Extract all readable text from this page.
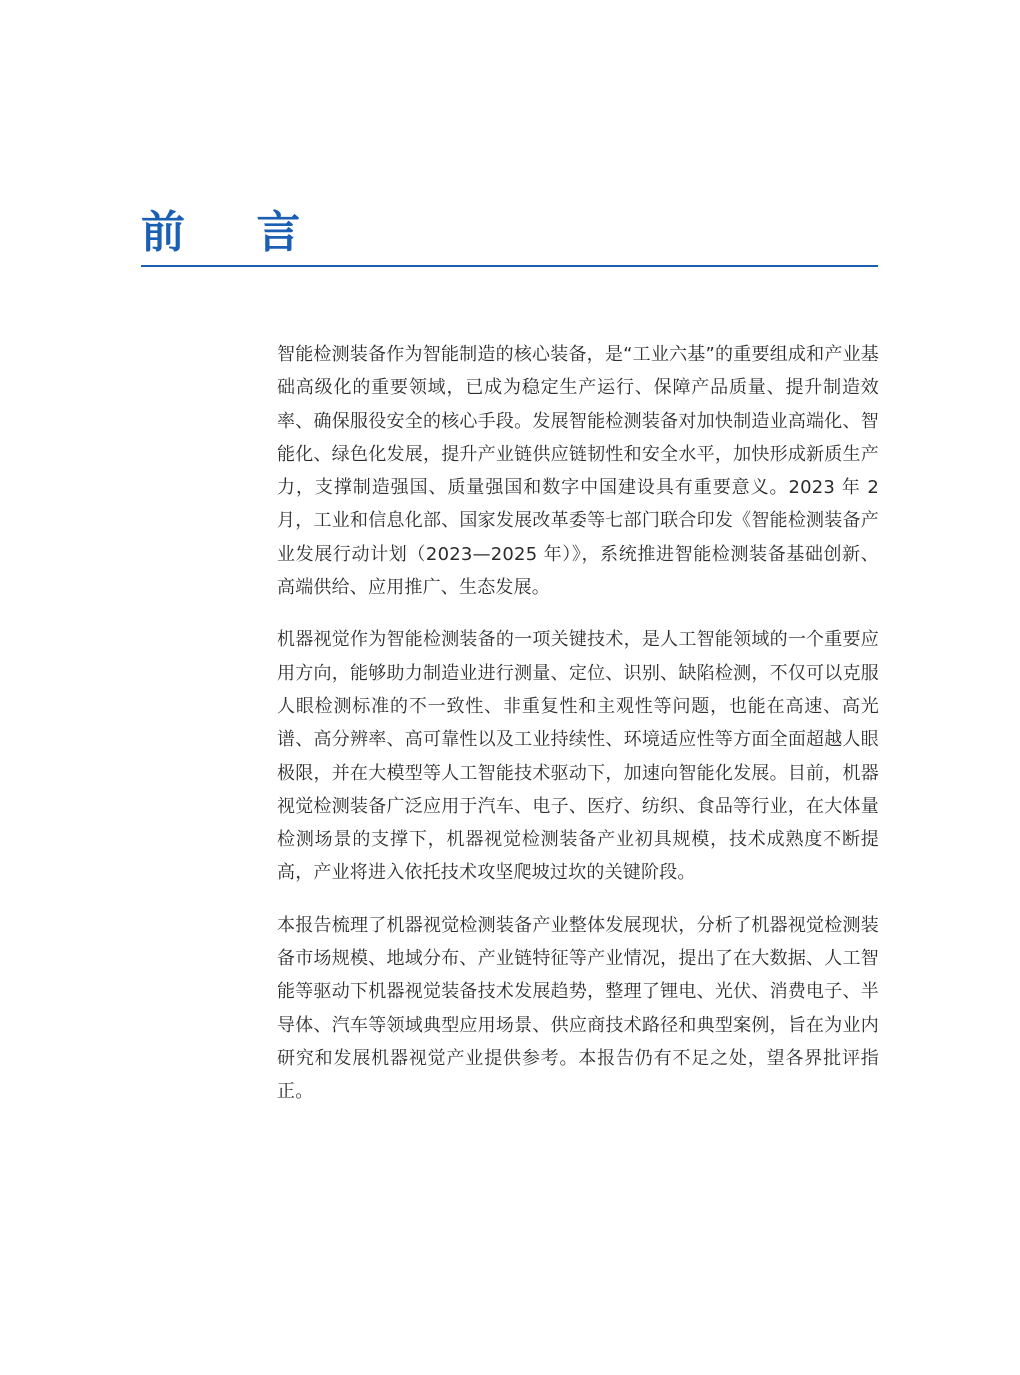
前 言

智能检测装备作为智能制造的核心装备，是“工业六基”的重要组成和产业基础高级化的重要领域，已成为稳定生产运行、保障产品质量、提升制造效率、确保服役安全的核心手段。发展智能检测装备对加快制造业高端化、智能化、绿色化发展，提升产业链供应链韧性和安全水平，加快形成新质生产力，支撑制造强国、质量强国和数字中国建设具有重要意义。2023 年 2 月，工业和信息化部、国家发展改革委等七部门联合印发《智能检测装备产业发展行动计划（2023—2025 年）》，系统推进智能检测装备基础创新、高端供给、应用推广、生态发展。

机器视觉作为智能检测装备的一项关键技术，是人工智能领域的一个重要应用方向，能够助力制造业进行测量、定位、识别、缺陷检测，不仅可以克服人眼检测标准的不一致性、非重复性和主观性等问题，也能在高速、高光谱、高分辨率、高可靠性以及工业持续性、环境适应性等方面全面超越人眼极限，并在大模型等人工智能技术驱动下，加速向智能化发展。目前，机器视觉检测装备广泛应用于汽车、电子、医疗、纺织、食品等行业，在大体量检测场景的支撑下，机器视觉检测装备产业初具规模，技术成熟度不断提高，产业将进入依托技术攻坚爬坡过坎的关键阶段。

本报告梳理了机器视觉检测装备产业整体发展现状，分析了机器视觉检测装备市场规模、地域分布、产业链特征等产业情况，提出了在大数据、人工智能等驱动下机器视觉装备技术发展趋势，整理了锂电、光伏、消费电子、半导体、汽车等领域典型应用场景、供应商技术路径和典型案例，旨在为业内研究和发展机器视觉产业提供参考。本报告仍有不足之处，望各界批评指正。
